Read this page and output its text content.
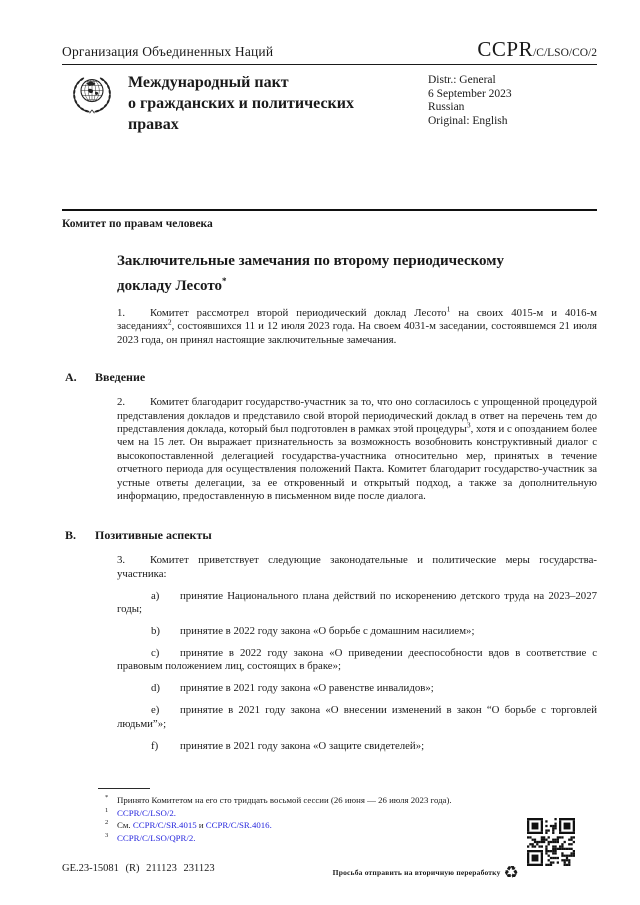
Организация Объединенных Наций	CCPR/C/LSO/CO/2
Международный пакт
о гражданских и политических
правах
Distr.: General
6 September 2023
Russian
Original: English
Комитет по правам человека
Заключительные замечания по второму периодическому докладу Лесото*

1. Комитет рассмотрел второй периодический доклад Лесото$^1$ на своих 4015-м и 4016-м заседаниях$^2$, состоявшихся 11 и 12 июля 2023 года. На своем 4031-м заседании, состоявшемся 21 июля 2023 года, он принял настоящие заключительные замечания.

A. Введение

2. Комитет благодарит государство-участник за то, что оно согласилось с упрощенной процедурой представления докладов и представило свой второй периодический доклад в ответ на перечень тем до представления доклада, который был подготовлен в рамках этой процедуры$^3$, хотя и с опозданием более чем на 15 лет. Он выражает признательность за возможность возобновить конструктивный диалог с высокопоставленной делегацией государства-участника относительно мер, принятых в течение отчетного периода для осуществления положений Пакта. Комитет благодарит государство-участник за устные ответы делегации, за ее откровенный и открытый подход, а также за дополнительную информацию, предоставленную в письменном виде после диалога.

B. Позитивные аспекты

3. Комитет приветствует следующие законодательные и политические меры государства-участника:

a) принятие Национального плана действий по искоренению детского труда на 2023–2027 годы;

b) принятие в 2022 году закона «О борьбе с домашним насилием»;

c) принятие в 2022 году закона «О приведении дееспособности вдов в соответствие с правовым положением лиц, состоящих в браке»;

d) принятие в 2021 году закона «О равенстве инвалидов»;

e) принятие в 2021 году закона «О внесении изменений в закон “О борьбе с торговлей людьми”»;

f) принятие в 2021 году закона «О защите свидетелей»;

* Принято Комитетом на его сто тридцать восьмой сессии (26 июня — 26 июля 2023 года).
1 CCPR/C/LSO/2.
2 См. CCPR/C/SR.4015 и CCPR/C/SR.4016.
3 CCPR/C/LSO/QPR/2.
GE.23-15081 (R) 211123 231123	Просьба отправить на вторичную переработку ♻
